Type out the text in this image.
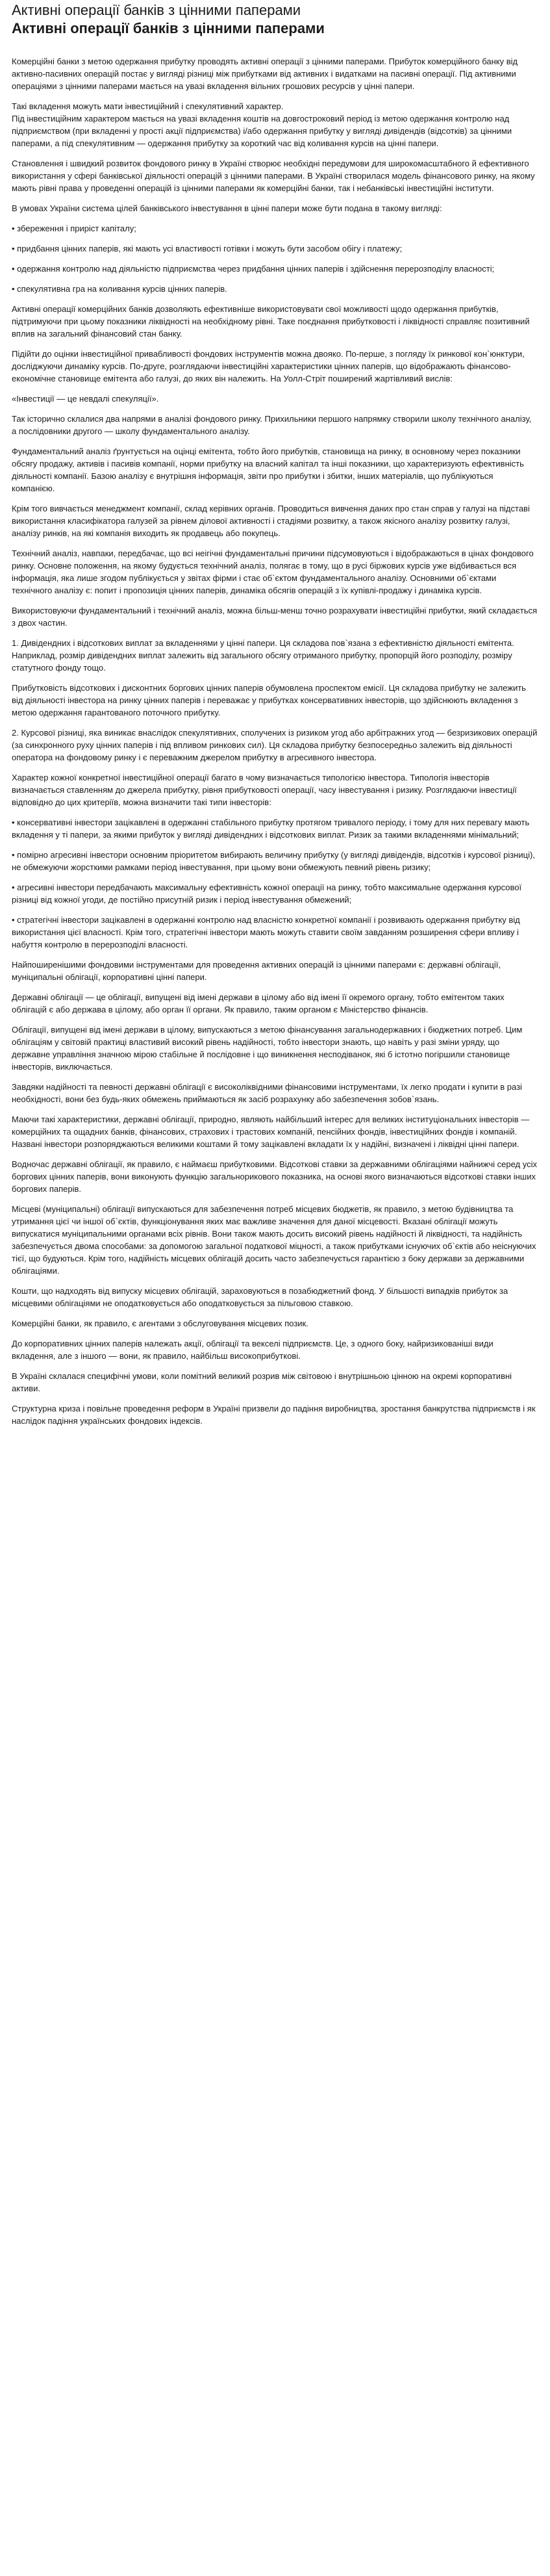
Активні операції банків з цінними паперами
Активні операції банків з цінними паперами

Комерційні банки з метою одержання прибутку проводять активні операції з цінними паперами. Прибуток комерційного банку від активно-пасивних операцій постає у вигляді різниці між прибутками від активних і видатками на пасивні операції. Під активними операціями з цінними паперами мається на увазі вкладення вільних грошових ресурсів у цінні папери.

Такі вкладення можуть мати інвестиційний і спекулятивний характер.
Під інвестиційним характером мається на увазі вкладення коштів на довгостроковий період із метою одержання контролю над підприємством (при вкладенні у прості акції підприємства) і/або одержання прибутку у вигляді дивідендів (відсотків) за цінними паперами, а під спекулятивним — одержання прибутку за короткий час від коливання курсів на цінні папери.

Становлення і швидкий розвиток фондового ринку в Україні створює необхідні передумови для широкомасштабного й ефективного використання у сфері банківської діяльності операцій з цінними паперами. В Україні створилася модель фінансового ринку, на якому мають рівні права у проведенні операцій із цінними паперами як комерційні банки, так і небанківські інвестиційні інститути.

В умовах України система цілей банківського інвестування в цінні папери може бути подана в такому вигляді:

• збереження і приріст капіталу;

• придбання цінних паперів, які мають усі властивості готівки і можуть бути засобом обігу і платежу;

• одержання контролю над діяльністю підприємства через придбання цінних паперів і здійснення перерозподілу власності;

• спекулятивна гра на коливання курсів цінних паперів.

Активні операції комерційних банків дозволяють ефективніше використовувати свої можливості щодо одержання прибутків, підтримуючи при цьому показники ліквідності на необхідному рівні. Таке поєднання прибутковості і ліквідності справляє позитивний вплив на загальний фінансовий стан банку.

Підійти до оцінки інвестиційної привабливості фондових інструментів можна двояко. По-перше, з погляду їх ринкової кон`юнктури, досліджуючи динаміку курсів. По-друге, розглядаючи інвестиційні характеристики цінних паперів, що відображають фінансово-економічне становище емітента або галузі, до яких він належить. На Уолл-Стріт поширений жартівливий вислів:

«Інвестиції — це невдалі спекуляції».

Так історично склалися два напрями в аналізі фондового ринку. Прихильники першого напрямку створили школу технічного аналізу, а послідовники другого — школу фундаментального аналізу.

Фундаментальний аналіз ґрунтується на оцінці емітента, тобто його прибутків, становища на ринку, в основному через показники обсягу продажу, активів і пасивів компанії, норми прибутку на власний капітал та інші показники, що характеризують ефективність діяльності компанії. Базою аналізу є внутрішня інформація, звіти про прибутки і збитки, інших матеріалів, що публікуються компанією.

Крім того вивчається менеджмент компанії, склад керівних органів. Проводиться вивчення даних про стан справ у галузі на підставі використання класифікатора галузей за рівнем ділової активності і стадіями розвитку, а також якісного аналізу розвитку галузі, аналізу ринків, на які компанія виходить як продавець або покупець.

Технічний аналіз, навпаки, передбачає, що всі неігічні фундаментальні причини підсумовуються і відображаються в цінах фондового ринку. Основне положення, на якому будується технічний аналіз, полягає в тому, що в русі біржових курсів уже відбивається вся інформація, яка лише згодом публікується у звітах фірми і стає об`єктом фундаментального аналізу. Основними об`єктами технічного аналізу є: попит і пропозиція цінних паперів, динаміка обсягів операцій з їх купівлі-продажу і динаміка курсів.

Використовуючи фундаментальний і технічний аналіз, можна більш-менш точно розрахувати інвестиційні прибутки, який складається з двох частин.

1. Дивідендних і відсоткових виплат за вкладеннями у цінні папери. Ця складова пов`язана з ефективністю діяльності емітента. Наприклад, розмір дивідендних виплат залежить від загального обсягу отриманого прибутку, пропорцій його розподілу, розміру статутного фонду тощо.

Прибутковість відсоткових і дисконтних боргових цінних паперів обумовлена проспектом емісії. Ця складова прибутку не залежить від діяльності інвестора на ринку цінних паперів і переважає у прибутках консервативних інвесторів, що здійснюють вкладення з метою одержання гарантованого поточного прибутку.

2. Курсової різниці, яка виникає внаслідок спекулятивних, сполучених із ризиком угод або арбітражних угод — безризикових операцій (за синхронного руху цінних паперів і під впливом ринкових сил). Ця складова прибутку безпосередньо залежить від діяльності оператора на фондовому ринку і є переважним джерелом прибутку в агресивного інвестора.

Характер кожної конкретної інвестиційної операції багато в чому визначається типологією інвестора. Типологія інвесторів визначається ставленням до джерела прибутку, рівня прибутковості операції, часу інвестування і ризику. Розглядаючи інвестиції відповідно до цих критеріїв, можна визначити такі типи інвесторів:

• консервативні інвестори зацікавлені в одержанні стабільного прибутку протягом тривалого періоду, і тому для них перевагу мають вкладення у ті папери, за якими прибуток у вигляді дивідендних і відсоткових виплат. Ризик за такими вкладеннями мінімальний;

• помірно агресивні інвестори основним пріоритетом вибирають величину прибутку (у вигляді дивідендів, відсотків і курсової різниці), не обмежуючи жорсткими рамками період інвестування, при цьому вони обмежують певний рівень ризику;

• агресивні інвестори передбачають максимальну ефективність кожної операції на ринку, тобто максимальне одержання курсової різниці від кожної угоди, де постійно присутній ризик і період інвестування обмежений;

• стратегічні інвестори зацікавлені в одержанні контролю над власністю конкретної компанії і розвивають одержання прибутку від використання цієї власності. Крім того, стратегічні інвестори мають можуть ставити своїм завданням розширення сфери впливу і набуття контролю в перерозподілі власності.

Найпоширенішими фондовими інструментами для проведення активних операцій із цінними паперами є: державні облігації, муніципальні облігації, корпоративні цінні папери.

Державні облігації — це облігації, випущені від імені держави в цілому або від імені її окремого органу, тобто емітентом таких облігацій є або держава в цілому, або орган її органи. Як правило, таким органом є Міністерство фінансів.

Облігації, випущені від імені держави в цілому, випускаються з метою фінансування загальнодержавних і бюджетних потреб. Цим облігаціям у світовій практиці властивий високий рівень надійності, тобто інвестори знають, що навіть у разі зміни уряду, що державне управління значною мірою стабільне й послідовне і що виникнення несподіванок, які б істотно погіршили становище інвесторів, виключається.

Завдяки надійності та певності державні облігації є високоліквідними фінансовими інструментами, їх легко продати і купити в разі необхідності, вони без будь-яких обмежень приймаються як засіб розрахунку або забезпечення зобов`язань.

Маючи такі характеристики, державні облігації, природно, являють найбільший інтерес для великих інституціональних інвесторів — комерційних та ощадних банків, фінансових, страхових і трастових компаній, пенсійних фондів, інвестиційних фондів і компаній. Названі інвестори розпоряджаються великими коштами й тому зацікавлені вкладати їх у надійні, визначені і ліквідні цінні папери.

Водночас державні облігації, як правило, є наймаєш прибутковими. Відсоткові ставки за державними облігаціями найнижчі серед усіх боргових цінних паперів, вони виконують функцію загальнорикового показника, на основі якого визначаються відсоткові ставки інших боргових паперів.

Місцеві (муніципальні) облігації випускаються для забезпечення потреб місцевих бюджетів, як правило, з метою будівництва та утримання цієї чи іншої об`єктів, функціонування яких має важливе значення для даної місцевості. Вказані облігації можуть випускатися муніципальними органами всіх рівнів. Вони також мають досить високий рівень надійності й ліквідності, та надійність забезпечується двома способами: за допомогою загальної податкової міцності, а також прибутками існуючих об`єктів або неіснуючих тієї, що будуються. Крім того, надійність місцевих облігацій досить часто забезпечується гарантією з боку держави за державними облігаціями.

Кошти, що надходять від випуску місцевих облігацій, зараховуються в позабюджетний фонд. У більшості випадків прибуток за місцевими облігаціями не оподатковується або оподатковується за пільговою ставкою.

Комерційні банки, як правило, є агентами з обслуговування місцевих позик.

До корпоративних цінних паперів належать акції, облігації та векселі підприємств. Це, з одного боку, найризикованіші види вкладення, але з іншого — вони, як правило, найбільш високоприбуткові.

В Україні склалася специфічні умови, коли помітний великий розрив між світовою і внутрішньою цінною на окремі корпоративні активи.

Структурна криза і повільне проведення реформ в Україні призвели до падіння виробництва, зростання банкрутства підприємств і як наслідок падіння українських фондових індексів.
